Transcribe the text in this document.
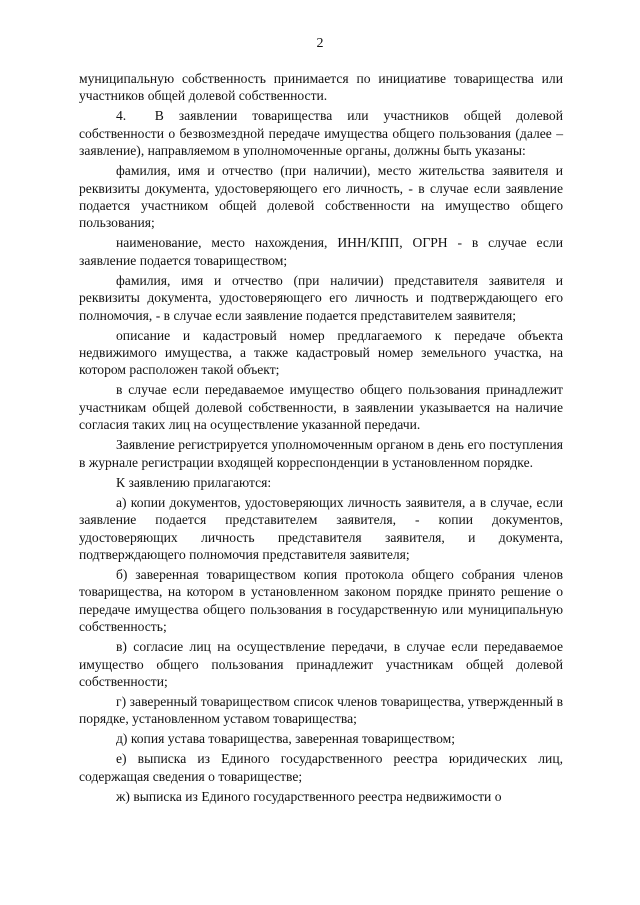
2

муниципальную собственность принимается по инициативе товарищества или участников общей долевой собственности.

4.  В заявлении товарищества или участников общей долевой собственности о безвозмездной передаче имущества общего пользования (далее – заявление), направляемом в уполномоченные органы, должны быть указаны:

фамилия, имя и отчество (при наличии), место жительства заявителя и реквизиты документа, удостоверяющего его личность, - в случае если заявление подается участником общей долевой собственности на имущество общего пользования;

наименование, место нахождения, ИНН/КПП, ОГРН - в случае если заявление подается товариществом;

фамилия, имя и отчество (при наличии) представителя заявителя и реквизиты документа, удостоверяющего его личность и подтверждающего его полномочия, - в случае если заявление подается представителем заявителя;

описание и кадастровый номер предлагаемого к передаче объекта недвижимого имущества, а также кадастровый номер земельного участка, на котором расположен такой объект;

в случае если передаваемое имущество общего пользования принадлежит участникам общей долевой собственности, в заявлении указывается на наличие согласия таких лиц на осуществление указанной передачи.

Заявление регистрируется уполномоченным органом в день его поступления в журнале регистрации входящей корреспонденции в установленном порядке.

К заявлению прилагаются:

а) копии документов, удостоверяющих личность заявителя, а в случае, если заявление подается представителем заявителя, - копии документов, удостоверяющих личность представителя заявителя, и документа, подтверждающего полномочия представителя заявителя;

б) заверенная товариществом копия протокола общего собрания членов товарищества, на котором в установленном законом порядке принято решение о передаче имущества общего пользования в государственную или муниципальную собственность;

в) согласие лиц на осуществление передачи, в случае если передаваемое имущество общего пользования принадлежит участникам общей долевой собственности;

г) заверенный товариществом список членов товарищества, утвержденный в порядке, установленном уставом товарищества;

д) копия устава товарищества, заверенная товариществом;

е) выписка из Единого государственного реестра юридических лиц, содержащая сведения о товариществе;

ж) выписка из Единого государственного реестра недвижимости о
